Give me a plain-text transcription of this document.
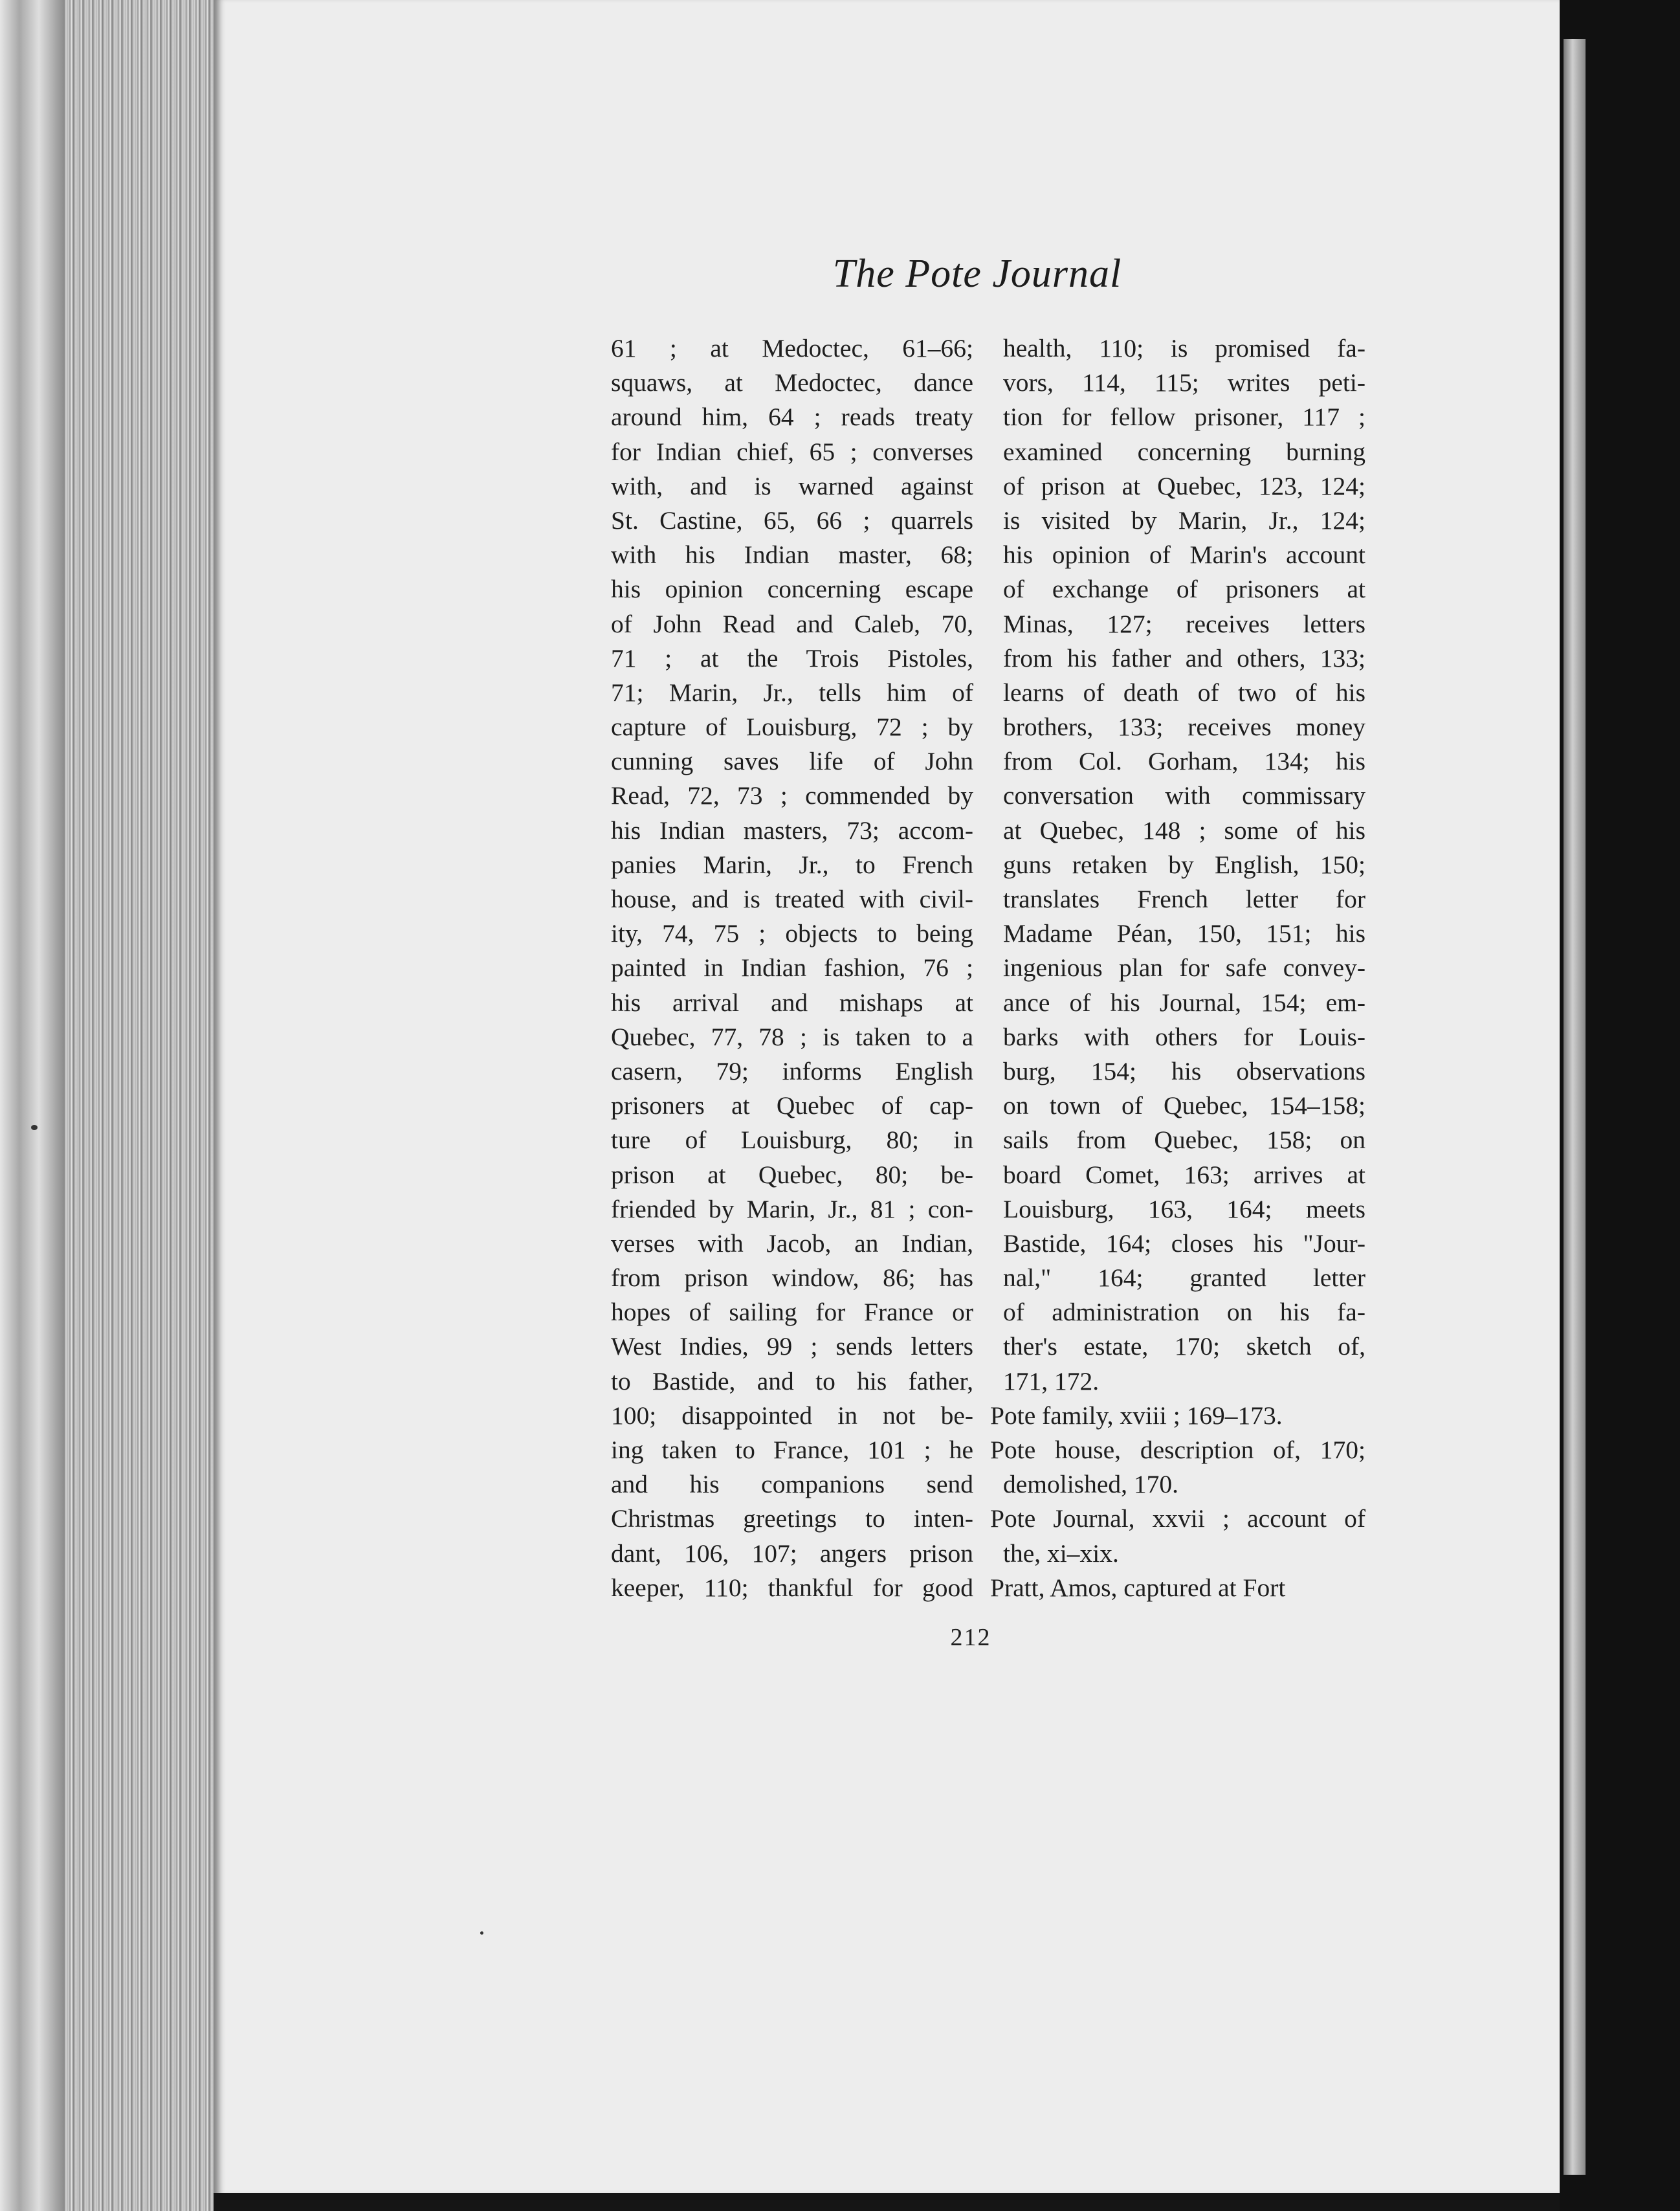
The Pote Journal
61 ; at Medoctec, 61–66;
squaws, at Medoctec, dance
around him, 64 ; reads treaty
for Indian chief, 65 ; converses
with, and is warned against
St. Castine, 65, 66 ; quarrels
with his Indian master, 68;
his opinion concerning escape
of John Read and Caleb, 70,
71 ; at the Trois Pistoles,
71; Marin, Jr., tells him of
capture of Louisburg, 72 ; by
cunning saves life of John
Read, 72, 73 ; commended by
his Indian masters, 73; accom-
panies Marin, Jr., to French
house, and is treated with civil-
ity, 74, 75 ; objects to being
painted in Indian fashion, 76 ;
his arrival and mishaps at
Quebec, 77, 78 ; is taken to a
casern, 79; informs English
prisoners at Quebec of cap-
ture of Louisburg, 80; in
prison at Quebec, 80; be-
friended by Marin, Jr., 81 ; con-
verses with Jacob, an Indian,
from prison window, 86; has
hopes of sailing for France or
West Indies, 99 ; sends letters
to Bastide, and to his father,
100; disappointed in not be-
ing taken to France, 101 ; he
and his companions send
Christmas greetings to inten-
dant, 106, 107; angers prison
keeper, 110; thankful for good
health, 110; is promised fa-
vors, 114, 115; writes peti-
tion for fellow prisoner, 117 ;
examined concerning burning
of prison at Quebec, 123, 124;
is visited by Marin, Jr., 124;
his opinion of Marin's account
of exchange of prisoners at
Minas, 127; receives letters
from his father and others, 133;
learns of death of two of his
brothers, 133; receives money
from Col. Gorham, 134; his
conversation with commissary
at Quebec, 148 ; some of his
guns retaken by English, 150;
translates French letter for
Madame Péan, 150, 151; his
ingenious plan for safe convey-
ance of his Journal, 154; em-
barks with others for Louis-
burg, 154; his observations
on town of Quebec, 154–158;
sails from Quebec, 158; on
board Comet, 163; arrives at
Louisburg, 163, 164; meets
Bastide, 164; closes his "Jour-
nal," 164; granted letter
of administration on his fa-
ther's estate, 170; sketch of,
171, 172.
Pote family, xviii ; 169–173.
Pote house, description of, 170;
demolished, 170.
Pote Journal, xxvii ; account of
the, xi–xix.
Pratt, Amos, captured at Fort
212
